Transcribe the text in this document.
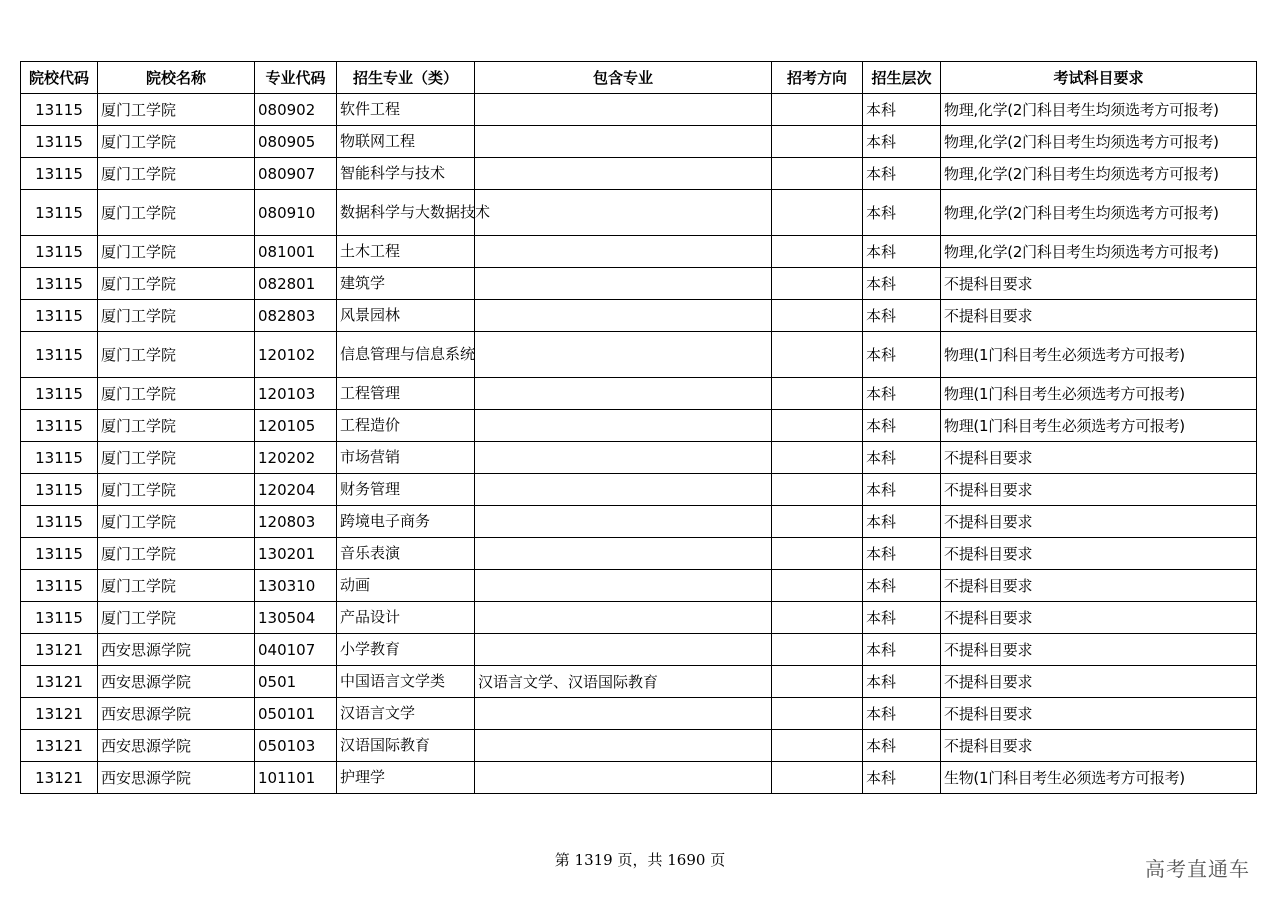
院校代码	院校名称	专业代码	招生专业（类）	包含专业	招考方向	招生层次	考试科目要求
13115	厦门工学院	080902	软件工程			本科	物理,化学(2门科目考生均须选考方可报考)
13115	厦门工学院	080905	物联网工程			本科	物理,化学(2门科目考生均须选考方可报考)
13115	厦门工学院	080907	智能科学与技术			本科	物理,化学(2门科目考生均须选考方可报考)
13115	厦门工学院	080910	数据科学与大数据技术			本科	物理,化学(2门科目考生均须选考方可报考)
13115	厦门工学院	081001	土木工程			本科	物理,化学(2门科目考生均须选考方可报考)
13115	厦门工学院	082801	建筑学			本科	不提科目要求
13115	厦门工学院	082803	风景园林			本科	不提科目要求
13115	厦门工学院	120102	信息管理与信息系统			本科	物理(1门科目考生必须选考方可报考)
13115	厦门工学院	120103	工程管理			本科	物理(1门科目考生必须选考方可报考)
13115	厦门工学院	120105	工程造价			本科	物理(1门科目考生必须选考方可报考)
13115	厦门工学院	120202	市场营销			本科	不提科目要求
13115	厦门工学院	120204	财务管理			本科	不提科目要求
13115	厦门工学院	120803	跨境电子商务			本科	不提科目要求
13115	厦门工学院	130201	音乐表演			本科	不提科目要求
13115	厦门工学院	130310	动画			本科	不提科目要求
13115	厦门工学院	130504	产品设计			本科	不提科目要求
13121	西安思源学院	040107	小学教育			本科	不提科目要求
13121	西安思源学院	0501	中国语言文学类	汉语言文学、汉语国际教育		本科	不提科目要求
13121	西安思源学院	050101	汉语言文学			本科	不提科目要求
13121	西安思源学院	050103	汉语国际教育			本科	不提科目要求
13121	西安思源学院	101101	护理学			本科	生物(1门科目考生必须选考方可报考)
第 1319 页，共 1690 页	高考直通车
